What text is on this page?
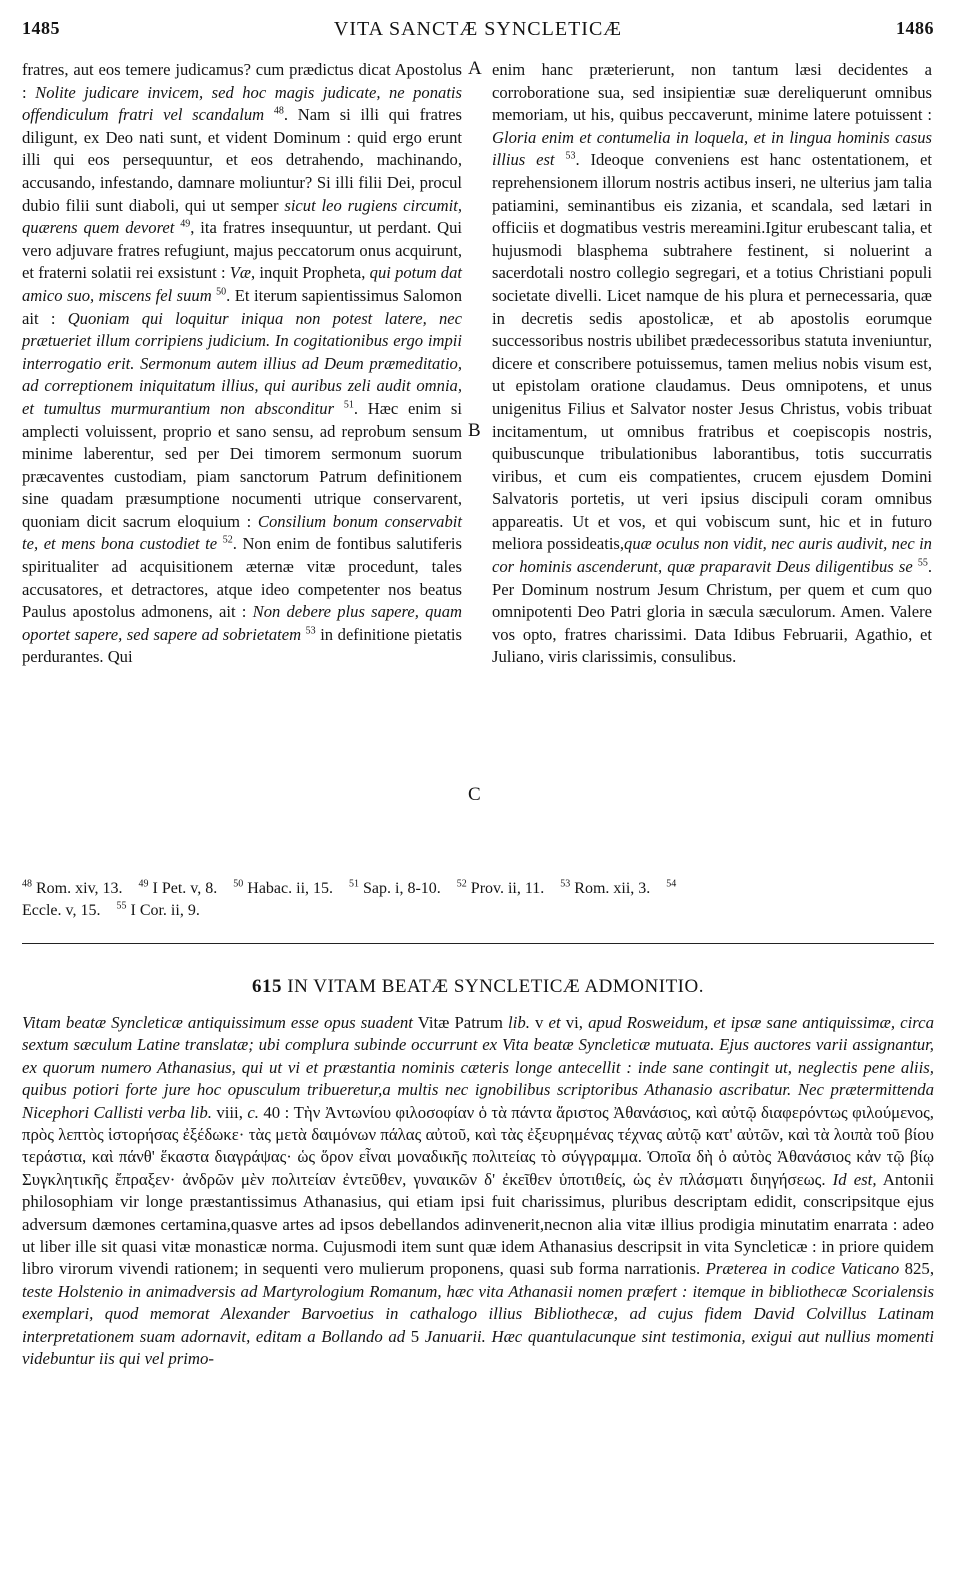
1485	VITA SANCTÆ SYNCLETICÆ	1486

fratres, aut eos temere judicamus? cum prædictus dicat Apostolus : Nolite judicare invicem, sed hoc magis judicate, ne ponatis offendiculum fratri vel scandalum $^{48}$. Nam si illi qui fratres diligunt, ex Deo nati sunt, et vident Dominum : quid ergo erunt illi qui eos persequuntur, et eos detrahendo, machinando, accusando, infestando, damnare moliuntur? Si illi filii Dei, procul dubio filii sunt diaboli, qui ut semper sicut leo rugiens circumit, quærens quem devoret $^{49}$, ita fratres insequuntur, ut perdant. Qui vero adjuvare fratres refugiunt, majus peccatorum onus acquirunt, et fraterni solatii rei exsistunt : Væ, inquit Propheta, qui potum dat amico suo, miscens fel suum $^{50}$. Et iterum sapientissimus Salomon ait : Quoniam qui loquitur iniqua non potest latere, nec prætueriet illum corripiens judicium. In cogitationibus ergo impii interrogatio erit. Sermonum autem illius ad Deum præmeditatio, ad correptionem iniquitatum illius, qui auribus zeli audit omnia, et tumultus murmurantium non absconditur $^{51}$. Hæc enim si amplecti voluissent, proprio et sano sensu, ad reprobum sensum minime laberentur, sed per Dei timorem sermonum suorum præcaventes custodiam, piam sanctorum Patrum definitionem sine quadam præsumptione nocumenti utrique conservarent, quoniam dicit sacrum eloquium : Consilium bonum conservabit te, et mens bona custodiet te $^{52}$. Non enim de fontibus salutiferis spiritualiter ad acquisitionem æternæ vitæ procedunt, tales accusatores, et detractores, atque ideo competenter nos beatus Paulus apostolus admonens, ait : Non debere plus sapere, quam oportet sapere, sed sapere ad sobrietatem $^{53}$ in definitione pietatis perdurantes. Qui

A
B
C

enim hanc præterierunt, non tantum læsi decidentes a corroboratione sua, sed insipientiæ suæ dereliquerunt omnibus memoriam, ut his, quibus peccaverunt, minime latere potuissent : Gloria enim et contumelia in loquela, et in lingua hominis casus illius est $^{53}$. Ideoque conveniens est hanc ostentationem, et reprehensionem illorum nostris actibus inseri, ne ulterius jam talia patiamini, seminantibus eis zizania, et scandala, sed lætari in officiis et dogmatibus vestris mereamini.Igitur erubescant talia, et hujusmodi blasphema subtrahere festinent, si noluerint a sacerdotali nostro collegio segregari, et a totius Christiani populi societate divelli. Licet namque de his plura et pernecessaria, quæ in decretis sedis apostolicæ, et ab apostolis eorumque successoribus nostris ubilibet prædecessoribus statuta inveniuntur, dicere et conscribere potuissemus, tamen melius nobis visum est, ut epistolam oratione claudamus. Deus omnipotens, et unus unigenitus Filius et Salvator noster Jesus Christus, vobis tribuat incitamentum, ut omnibus fratribus et coepiscopis nostris, quibuscunque tribulationibus laborantibus, totis succurratis viribus, et cum eis compatientes, crucem ejusdem Domini Salvatoris portetis, ut veri ipsius discipuli coram omnibus appareatis. Ut et vos, et qui vobiscum sunt, hic et in futuro meliora possideatis,quæ oculus non vidit, nec auris audivit, nec in cor hominis ascenderunt, quæ praparavit Deus diligentibus se $^{55}$. Per Dominum nostrum Jesum Christum, per quem et cum quo omnipotenti Deo Patri gloria in sæcula sæculorum. Amen. Valere vos opto, fratres charissimi. Data Idibus Februarii, Agathio, et Juliano, viris clarissimis, consulibus.

$^{48}$ Rom. xiv, 13. $^{49}$ I Pet. v, 8. $^{50}$ Habac. ii, 15. $^{51}$ Sap. i, 8-10. $^{52}$ Prov. ii, 11. $^{53}$ Rom. xii, 3. $^{54}$
Eccle. v, 15. $^{55}$ I Cor. ii, 9.
615 IN VITAM BEATÆ SYNCLETICÆ ADMONITIO.

Vitam beatæ Syncleticæ antiquissimum esse opus suadent Vitæ Patrum lib. v et vi, apud Rosweidum, et ipsæ sane antiquissimæ, circa sextum sæculum Latine translatæ; ubi complura subinde occurrunt ex Vita beatæ Syncleticæ mutuata. Ejus auctores varii assignantur, ex quorum numero Athanasius, qui ut vi et præstantia nominis cæteris longe antecellit : inde sane contingit ut, neglectis pene aliis, quibus potiori forte jure hoc opusculum tribueretur,a multis nec ignobilibus scriptoribus Athanasio ascribatur. Nec prætermittenda Nicephori Callisti verba lib. viii, c. 40 : Τὴν Ἀντωνίου φιλοσοφίαν ὁ τὰ πάντα ἄριστος Ἀθανάσιος, καὶ αὐτῷ διαφερόντως φιλούμενος, πρὸς λεπτὸς ἱστορήσας ἐξέδωκε· τὰς μετὰ δαιμόνων πάλας αὐτοῦ, καὶ τὰς ἐξευρημένας τέχνας αὐτῷ κατ' αὐτῶν, καὶ τὰ λοιπὰ τοῦ βίου τεράστια, καὶ πάνθ' ἕκαστα διαγράψας· ὡς ὅρον εἶναι μοναδικῆς πολιτείας τὸ σύγγραμμα. Ὁποῖα δὴ ὁ αὐτὸς Ἀθανάσιος κἀν τῷ βίῳ Συγκλητικῆς ἔπραξεν· ἀνδρῶν μὲν πολιτείαν ἐντεῦθεν, γυναικῶν δ' ἐκεῖθεν ὑποτιθείς, ὡς ἐν πλάσματι διηγήσεως. Id est, Antonii philosophiam vir longe præstantissimus Athanasius, qui etiam ipsi fuit charissimus, pluribus descriptam edidit, conscripsitque ejus adversum dæmones certamina,quasve artes ad ipsos debellandos adinvenerit,necnon alia vitæ illius prodigia minutatim enarrata : adeo ut liber ille sit quasi vitæ monasticæ norma. Cujusmodi item sunt quæ idem Athanasius descripsit in vita Syncleticæ : in priore quidem libro virorum vivendi rationem; in sequenti vero mulierum proponens, quasi sub forma narrationis. Præterea in codice Vaticano 825, teste Holstenio in animadversis ad Martyrologium Romanum, hæc vita Athanasii nomen præfert : itemque in bibliothecæ Scorialensis exemplari, quod memorat Alexander Barvoetius in cathalogo illius Bibliothecæ, ad cujus fidem David Colvillus Latinam interpretationem suam adornavit, editam a Bollando ad 5 Januarii. Hæc quantulacunque sint testimonia, exigui aut nullius momenti videbuntur iis qui vel primo-
